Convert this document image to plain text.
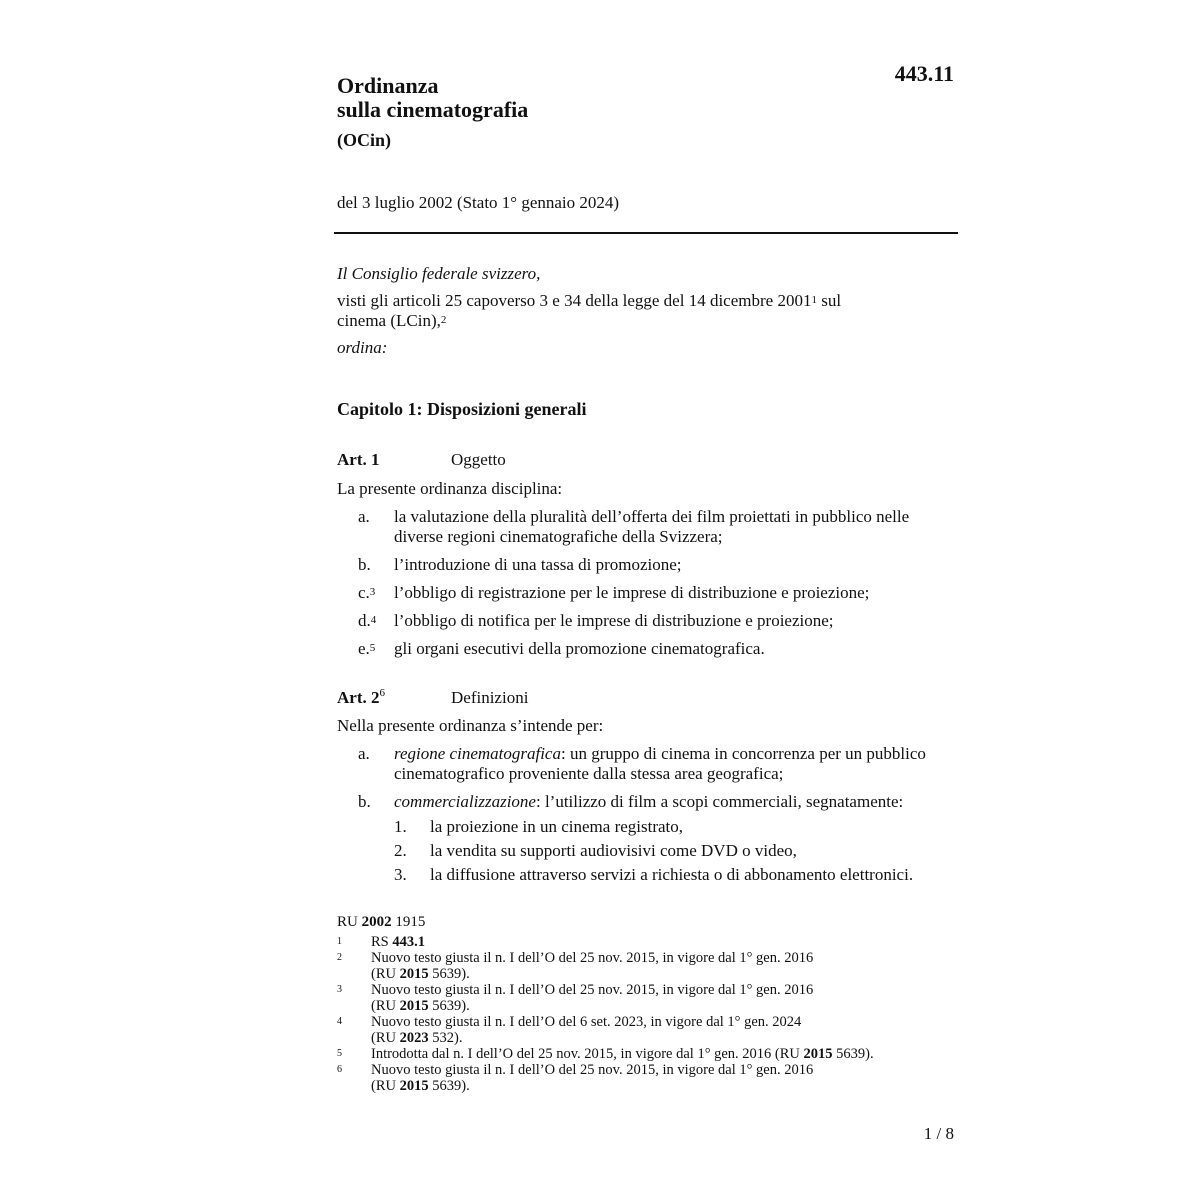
Ordinanza
sulla cinematografia
443.11
(OCin)
del 3 luglio 2002 (Stato 1° gennaio 2024)
Il Consiglio federale svizzero,
visti gli articoli 25 capoverso 3 e 34 della legge del 14 dicembre 2001$^1$ sul
cinema (LCin),$^2$
ordina:
Capitolo 1: Disposizioni generali
Art. 1	Oggetto
La presente ordinanza disciplina:
a. la valutazione della pluralità dell’offerta dei film proiettati in pubblico nelle diverse regioni cinematografiche della Svizzera;
b. l’introduzione di una tassa di promozione;
c.$^3$ l’obbligo di registrazione per le imprese di distribuzione e proiezione;
d.$^4$ l’obbligo di notifica per le imprese di distribuzione e proiezione;
e.$^5$ gli organi esecutivi della promozione cinematografica.
Art. $2^6$	Definizioni
Nella presente ordinanza s’intende per:
a. regione cinematografica: un gruppo di cinema in concorrenza per un pubblico cinematografico proveniente dalla stessa area geografica;
b. commercializzazione: l’utilizzo di film a scopi commerciali, segnatamente:
1. la proiezione in un cinema registrato,
2. la vendita su supporti audiovisivi come DVD o video,
3. la diffusione attraverso servizi a richiesta o di abbonamento elettronici.
RU 2002 1915
1 RS 443.1
2 Nuovo testo giusta il n. I dell’O del 25 nov. 2015, in vigore dal 1° gen. 2016
(RU 2015 5639).
3 Nuovo testo giusta il n. I dell’O del 25 nov. 2015, in vigore dal 1° gen. 2016
(RU 2015 5639).
4 Nuovo testo giusta il n. I dell’O del 6 set. 2023, in vigore dal 1° gen. 2024
(RU 2023 532).
5 Introdotta dal n. I dell’O del 25 nov. 2015, in vigore dal 1° gen. 2016 (RU 2015 5639).
6 Nuovo testo giusta il n. I dell’O del 25 nov. 2015, in vigore dal 1° gen. 2016
(RU 2015 5639).
1 / 8
